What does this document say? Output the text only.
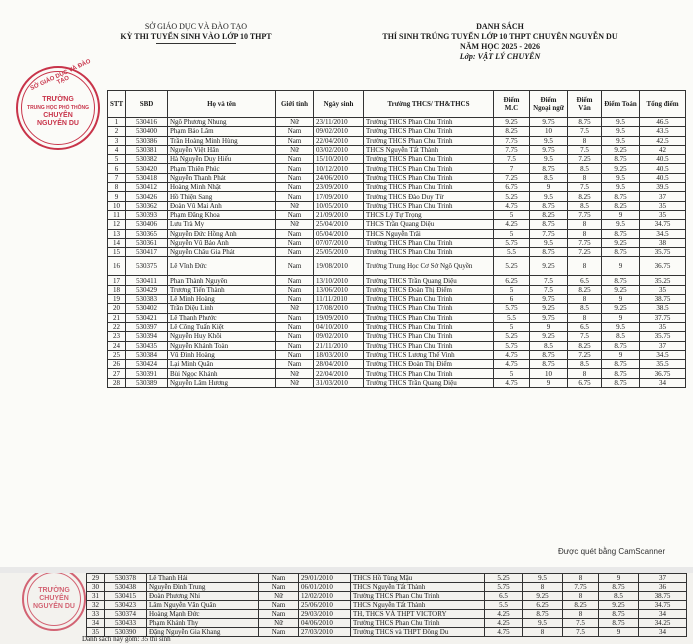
SỞ GIÁO DỤC VÀ ĐÀO TẠO
KỲ THI TUYỂN SINH VÀO LỚP 10 THPT
DANH SÁCH
THÍ SINH TRÚNG TUYỂN LỚP 10 THPT CHUYÊN NGUYỄN DU
NĂM HỌC 2025 - 2026
Lớp: VẬT LÝ CHUYÊN
SỞ GIÁO DỤC VÀ ĐÀO TẠO
TRƯỜNG
TRUNG HỌC PHỔ THÔNG
CHUYÊN
NGUYỄN DU
STT	SBD	Họ và tên	Giới tính	Ngày sinh	Trường THCS/ TH&THCS	Điểm M.C	Điểm Ngoại ngữ	Điểm Văn	Điểm Toán	Tổng điểm
1	530416	Ngô Phương Nhung	Nữ	23/11/2010	Trường THCS Phan Chu Trinh	9.25	9.75	8.75	9.5	46.5
2	530400	Phạm Bảo Lâm	Nam	09/02/2010	Trường THCS Phan Chu Trinh	8.25	10	7.5	9.5	43.5
3	530386	Trần Hoàng Minh Hùng	Nam	22/04/2010	Trường THCS Phan Chu Trinh	7.75	9.5	8	9.5	42.5
4	530381	Nguyễn Việt Hân	Nữ	03/02/2010	THCS Nguyễn Tất Thành	7.75	9.75	7.5	9.25	42
5	530382	Hà Nguyễn Duy Hiếu	Nam	15/10/2010	Trường THCS Phan Chu Trinh	7.5	9.5	7.25	8.75	40.5
6	530420	Phạm Thiên Phúc	Nam	10/12/2010	Trường THCS Phan Chu Trinh	7	8.75	8.5	9.25	40.5
7	530418	Nguyễn Thanh Phát	Nam	24/06/2010	Trường THCS Phan Chu Trinh	7.25	8.5	8	9.5	40.5
8	530412	Hoàng Minh Nhật	Nam	23/09/2010	Trường THCS Phan Chu Trinh	6.75	9	7.5	9.5	39.5
9	530426	Hồ Thiện Sang	Nam	17/09/2010	Trường THCS Đào Duy Từ	5.25	9.5	8.25	8.75	37
10	530362	Đoàn Vũ Mai Anh	Nữ	10/05/2010	Trường THCS Phan Chu Trinh	4.75	8.75	8.5	8.25	35
11	530393	Phạm Đăng Khoa	Nam	21/09/2010	THCS Lý Tự Trọng	5	8.25	7.75	9	35
12	530406	Lưu Trà My	Nữ	25/04/2010	THCS Trần Quang Diệu	4.25	8.75	8	9.5	34.75
13	530365	Nguyễn Đức Hồng Anh	Nam	05/04/2010	THCS Nguyễn Trãi	5	7.75	8	8.75	34.5
14	530361	Nguyễn Vũ Bảo Anh	Nam	07/07/2010	Trường THCS Phan Chu Trinh	5.75	9.5	7.75	9.25	38
15	530417	Nguyễn Châu Gia Phát	Nam	25/05/2010	Trường THCS Phan Chu Trinh	5.5	8.75	7.25	8.75	35.75
16	530375	Lê Vĩnh Đức	Nam	19/08/2010	Trường Trung Học Cơ Sở Ngô Quyền	5.25	9.25	8	9	36.75
17	530411	Phan Thành Nguyên	Nam	13/10/2010	Trường THCS Trần Quang Diệu	6.25	7.5	6.5	8.75	35.25
18	530429	Trương Tiến Thành	Nam	13/06/2010	Trường THCS Đoàn Thị Điểm	5	7.5	8.25	9.25	35
19	530383	Lê Minh Hoàng	Nam	11/11/2010	Trường THCS Phan Chu Trinh	6	9.75	8	9	38.75
20	530402	Trần Diệu Linh	Nữ	17/08/2010	Trường THCS Phan Chu Trinh	5.75	9.25	8.5	9.25	38.5
21	530421	Lê Thanh Phước	Nam	19/09/2010	Trường THCS Phan Chu Trinh	5.5	9.75	8	9	37.75
22	530397	Lê Công Tuấn Kiệt	Nam	04/10/2010	Trường THCS Phan Chu Trinh	5	9	6.5	9.5	35
23	530394	Nguyễn Huy Khôi	Nam	09/02/2010	Trường THCS Phan Chu Trinh	5.25	9.25	7.5	8.5	35.75
24	530435	Nguyễn Khánh Toàn	Nam	21/11/2010	Trường THCS Phan Chu Trinh	5.75	8.5	8.25	8.75	37
25	530384	Vũ Đình Hoàng	Nam	18/03/2010	Trường THCS Lương Thế Vinh	4.75	8.75	7.25	9	34.5
26	530424	Lại Minh Quân	Nam	28/04/2010	Trường THCS Đoàn Thị Điểm	4.75	8.75	8.5	8.75	35.5
27	530391	Bùi Ngọc Khánh	Nữ	22/04/2010	Trường THCS Phan Chu Trinh	5	10	8	8.75	36.75
28	530389	Nguyễn Lâm Hương	Nữ	31/03/2010	Trường THCS Trần Quang Diệu	4.75	9	6.75	8.75	34
Được quét bằng CamScanner
TRƯỜNG
CHUYÊN
NGUYỄN DU
29	530378	Lê Thanh Hải	Nam	29/01/2010	THCS Hồ Tùng Mậu	5.25	9.5	8	9	37
30	530438	Nguyễn Đình Trung	Nam	06/01/2010	THCS Nguyễn Tất Thành	5.75	8	7.75	8.75	36
31	530415	Đoàn Phương Nhi	Nữ	12/02/2010	Trường THCS Phan Chu Trinh	6.5	9.25	8	8.5	38.75
32	530423	Lâm Nguyễn Văn Quân	Nam	25/06/2010	THCS Nguyễn Tất Thành	5.5	6.25	8.25	9.25	34.75
33	530374	Hoàng Mạnh Đức	Nam	29/03/2010	TH, THCS VÀ THPT VICTORY	4.25	8.75	8	8.75	34
34	530433	Phạm Khánh Thy	Nữ	04/06/2010	Trường THCS Phan Chu Trinh	4.25	9.5	7.5	8.75	34.25
35	530390	Đặng Nguyễn Gia Khang	Nam	27/03/2010	Trường THCS và THPT Đông Du	4.75	8	7.5	9	34
Danh sách này gồm: 35 thí sinh
